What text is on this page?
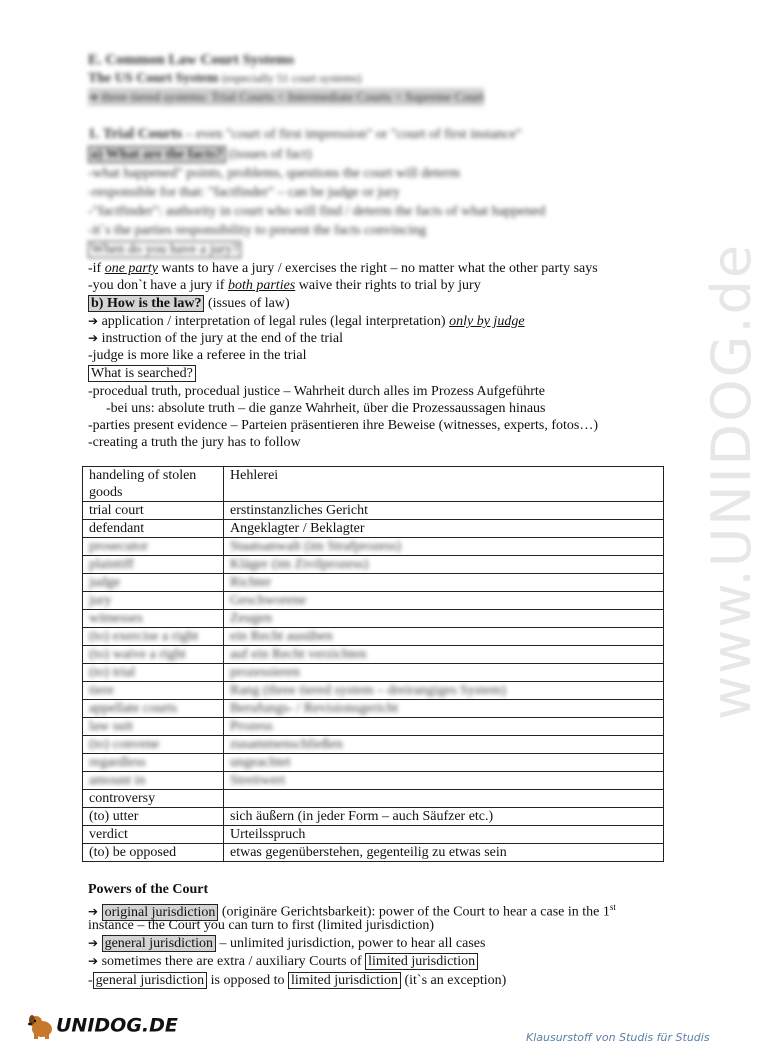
E. Common Law Court Systems
The US Court System (especially 51 court systems)
➔ three tiered systems: Trial Courts < Intermediate Courts < Supreme Court
1. Trial Courts – even "court of first impression" or "court of first instance"
a) What are the facts? (issues of fact)
-what happened" points, problems, questions the court will determ
-responsible for that: "factfinder" – can be judge or jury
-"factfinder": authority in court who will find / determ the facts of what happened
-it`s the parties responsibility to present the facts convincing
When do you have a jury?
-if one party wants to have a jury / exercises the right – no matter what the other party says
-you don`t have a jury if both parties waive their rights to trial by jury
b) How is the law? (issues of law)
➔ application / interpretation of legal rules (legal interpretation) only by judge
➔ instruction of the jury at the end of the trial
-judge is more like a referee in the trial
What is searched?
-procedual truth, procedual justice – Wahrheit durch alles im Prozess Aufgeführte
-bei uns: absolute truth – die ganze Wahrheit, über die Prozessaussagen hinaus
-parties present evidence – Parteien präsentieren ihre Beweise (witnesses, experts, fotos…)
-creating a truth the jury has to follow
handeling of stolen goods	Hehlerei
trial court	erstinstanzliches Gericht
defendant	Angeklagter / Beklagter
prosecutor	Staatsanwalt (im Strafprozess)
plaintiff	Kläger (im Zivilprozess)
judge	Richter
jury	Geschworene
witnesses	Zeugen
(to) exercise a right	ein Recht ausüben
(to) waive a right	auf ein Recht verzichten
(to) trial	prozessieren
tiere	Rang (three tiered system – dreirangiges System)
appellate courts	Berufungs- / Revisionsgericht
law suit	Prozess
(to) convene	zusammenschließen
regardless	ungeachtet
amount in	Streitwert
controversy	
(to) utter	sich äußern (in jeder Form – auch Säufzer etc.)
verdict	Urteilsspruch
(to) be opposed	etwas gegenüberstehen, gegenteilig zu etwas sein
Powers of the Court
➔ original jurisdiction (originäre Gerichtsbarkeit): power of the Court to hear a case in the 1st
instance – the Court you can turn to first (limited jurisdiction)
➔ general jurisdiction – unlimited jurisdiction, power to hear all cases
➔ sometimes there are extra / auxiliary Courts of limited jurisdiction
- general jurisdiction is opposed to limited jurisdiction (it`s an exception)
www.UNIDOG.de
UNIDOG.DE
Klausurstoff von Studis für Studis
